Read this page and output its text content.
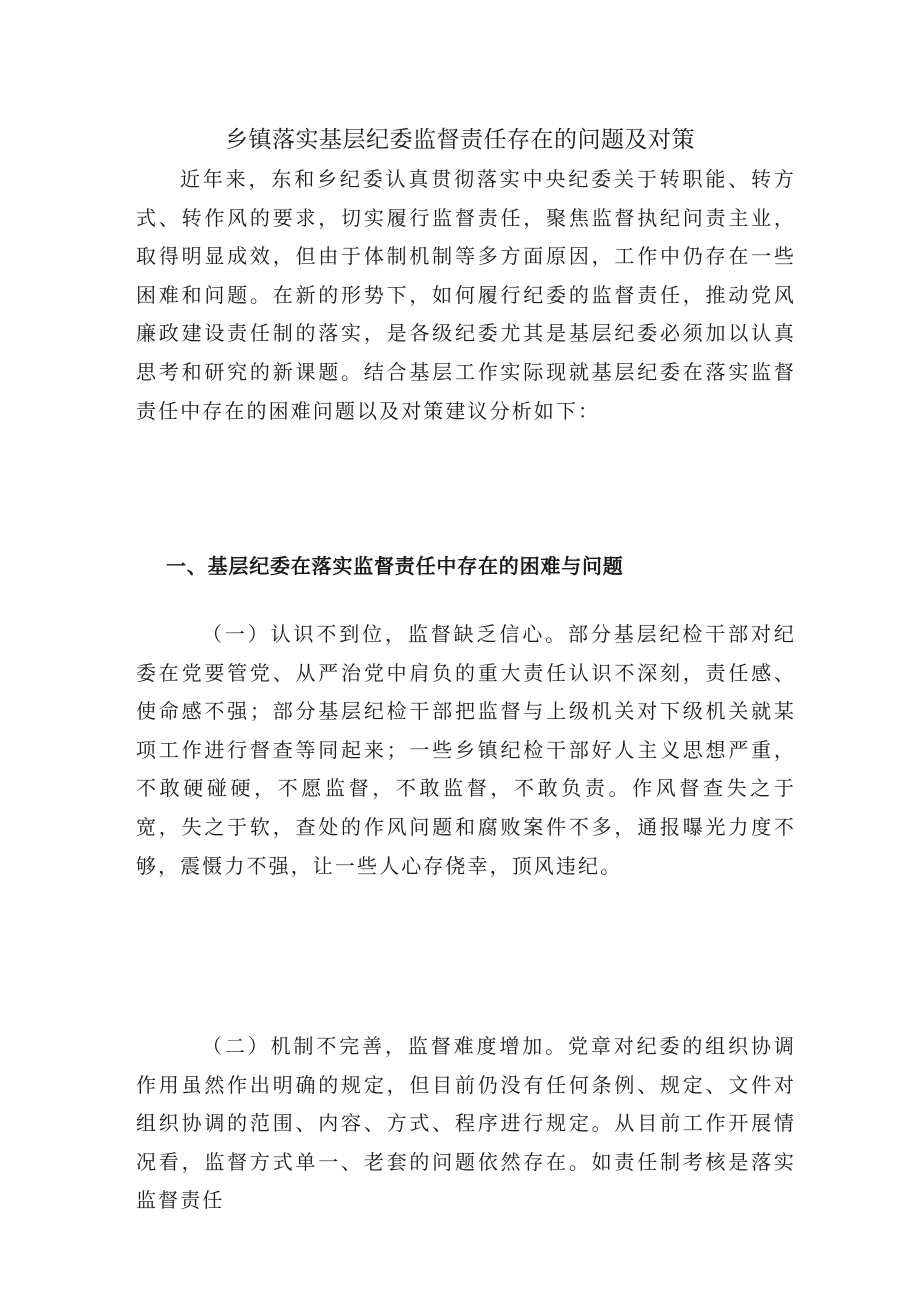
乡镇落实基层纪委监督责任存在的问题及对策

近年来，东和乡纪委认真贯彻落实中央纪委关于转职能、转方式、转作风的要求，切实履行监督责任，聚焦监督执纪问责主业，取得明显成效，但由于体制机制等多方面原因，工作中仍存在一些困难和问题。在新的形势下，如何履行纪委的监督责任，推动党风廉政建设责任制的落实，是各级纪委尤其是基层纪委必须加以认真思考和研究的新课题。结合基层工作实际现就基层纪委在落实监督责任中存在的困难问题以及对策建议分析如下：

一、基层纪委在落实监督责任中存在的困难与问题

（一）认识不到位，监督缺乏信心。部分基层纪检干部对纪委在党要管党、从严治党中肩负的重大责任认识不深刻，责任感、使命感不强；部分基层纪检干部把监督与上级机关对下级机关就某项工作进行督查等同起来；一些乡镇纪检干部好人主义思想严重，不敢硬碰硬，不愿监督，不敢监督，不敢负责。作风督查失之于宽，失之于软，查处的作风问题和腐败案件不多，通报曝光力度不够，震慑力不强，让一些人心存侥幸，顶风违纪。

（二）机制不完善，监督难度增加。党章对纪委的组织协调作用虽然作出明确的规定，但目前仍没有任何条例、规定、文件对组织协调的范围、内容、方式、程序进行规定。从目前工作开展情况看，监督方式单一、老套的问题依然存在。如责任制考核是落实监督责任
